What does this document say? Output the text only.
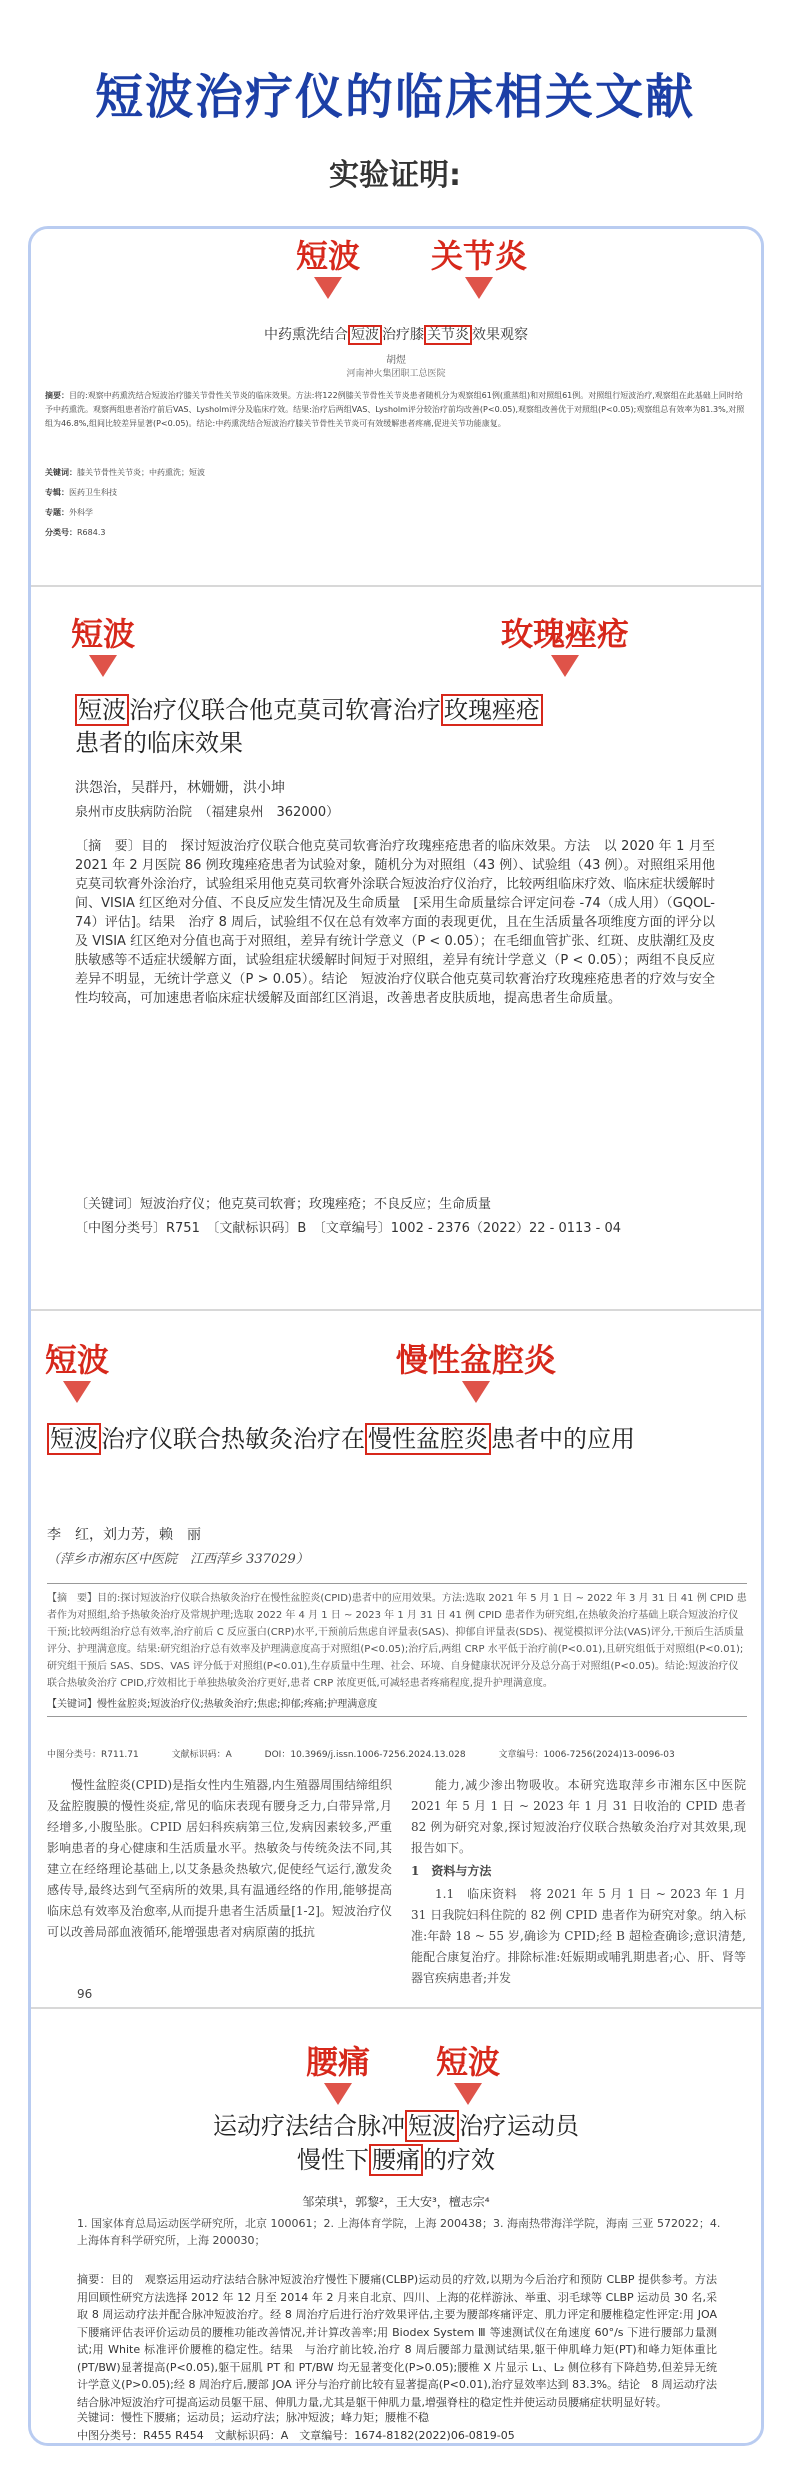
短波治疗仪的临床相关文献
实验证明:
短波 关节炎
中药熏洗结合 短波 治疗膝 关节炎 效果观察
胡煜
河南神火集团职工总医院
摘要：目的:观察中药熏洗结合短波治疗膝关节骨性关节炎的临床效果。方法:将122例膝关节骨性关节炎患者随机分为观察组61例(熏蒸组)和对照组61例。对照组行短波治疗,观察组在此基础上同时给予中药熏洗。观察两组患者治疗前后VAS、Lysholm评分及临床疗效。结果:治疗后两组VAS、Lysholm评分较治疗前均改善(P<0.05),观察组改善优于对照组(P<0.05);观察组总有效率为81.3%,对照组为46.8%,组间比较差异显著(P<0.05)。结论:中药熏洗结合短波治疗膝关节骨性关节炎可有效缓解患者疼痛,促进关节功能康复。
关键词：膝关节骨性关节炎；中药熏洗；短波
专辑：医药卫生科技
专题：外科学
分类号：R684.3
短波	玫瑰痤疮
短波 治疗仪联合他克莫司软膏治疗 玫瑰痤疮
患者的临床效果
洪怨治，吴群丹，林姗姗，洪小坤
泉州市皮肤病防治院　（福建泉州　362000）
〔摘　要〕目的　探讨短波治疗仪联合他克莫司软膏治疗玫瑰痤疮患者的临床效果。方法　以 2020 年 1 月至 2021 年 2 月医院 86 例玫瑰痤疮患者为试验对象，随机分为对照组（43 例）、试验组（43 例）。对照组采用他克莫司软膏外涂治疗，试验组采用他克莫司软膏外涂联合短波治疗仪治疗，比较两组临床疗效、临床症状缓解时间、VISIA 红区绝对分值、不良反应发生情况及生命质量　[采用生命质量综合评定问卷 -74（成人用）（GQOL-74）评估]。结果　治疗 8 周后，试验组不仅在总有效率方面的表现更优，且在生活质量各项维度方面的评分以及 VISIA 红区绝对分值也高于对照组，差异有统计学意义（P < 0.05）；在毛细血管扩张、红斑、皮肤潮红及皮肤敏感等不适症状缓解方面，试验组症状缓解时间短于对照组，差异有统计学意义（P < 0.05）；两组不良反应差异不明显，无统计学意义（P > 0.05）。结论　短波治疗仪联合他克莫司软膏治疗玫瑰痤疮患者的疗效与安全性均较高，可加速患者临床症状缓解及面部红区消退，改善患者皮肤质地，提高患者生命质量。
〔关键词〕短波治疗仪；他克莫司软膏；玫瑰痤疮；不良反应；生命质量
〔中图分类号〕R751　〔文献标识码〕B　〔文章编号〕1002 - 2376（2022）22 - 0113 - 04
短波	慢性盆腔炎
短波 治疗仪联合热敏灸治疗在 慢性盆腔炎 患者中的应用
李　红，刘力芳，赖　丽
（萍乡市湘东区中医院　江西萍乡 337029）
【摘　要】目的:探讨短波治疗仪联合热敏灸治疗在慢性盆腔炎(CPID)患者中的应用效果。方法:选取 2021 年 5 月 1 日 ~ 2022 年 3 月 31 日 41 例 CPID 患者作为对照组,给予热敏灸治疗及常规护理;选取 2022 年 4 月 1 日 ~ 2023 年 1 月 31 日 41 例 CPID 患者作为研究组,在热敏灸治疗基础上联合短波治疗仪干预;比较两组治疗总有效率,治疗前后 C 反应蛋白(CRP)水平,干预前后焦虑自评量表(SAS)、抑郁自评量表(SDS)、视觉模拟评分法(VAS)评分,干预后生活质量评分、护理满意度。结果:研究组治疗总有效率及护理满意度高于对照组(P<0.05);治疗后,两组 CRP 水平低于治疗前(P<0.01),且研究组低于对照组(P<0.01);研究组干预后 SAS、SDS、VAS 评分低于对照组(P<0.01),生存质量中生理、社会、环境、自身健康状况评分及总分高于对照组(P<0.05)。结论:短波治疗仪联合热敏灸治疗 CPID,疗效相比于单独热敏灸治疗更好,患者 CRP 浓度更低,可减轻患者疼痛程度,提升护理满意度。
【关键词】慢性盆腔炎;短波治疗仪;热敏灸治疗;焦虑;抑郁;疼痛;护理满意度
中图分类号：R711.71	文献标识码：A	DOI：10.3969/j.issn.1006-7256.2024.13.028	文章编号：1006-7256(2024)13-0096-03
慢性盆腔炎(CPID)是指女性内生殖器,内生殖器周围结缔组织及盆腔腹膜的慢性炎症,常见的临床表现有腰身乏力,白带异常,月经增多,小腹坠胀。CPID 居妇科疾病第三位,发病因素较多,严重影响患者的身心健康和生活质量水平。热敏灸与传统灸法不同,其建立在经络理论基础上,以艾条悬灸热敏穴,促使经气运行,激发灸感传导,最终达到气至病所的效果,具有温通经络的作用,能够提高临床总有效率及治愈率,从而提升患者生活质量[1-2]。短波治疗仪可以改善局部血液循环,能增强患者对病原菌的抵抗

能力,减少渗出物吸收。本研究选取萍乡市湘东区中医院 2021 年 5 月 1 日 ~ 2023 年 1 月 31 日收治的 CPID 患者 82 例为研究对象,探讨短波治疗仪联合热敏灸治疗对其效果,现报告如下。

1　资料与方法

1.1　临床资料　将 2021 年 5 月 1 日 ~ 2023 年 1 月 31 日我院妇科住院的 82 例 CPID 患者作为研究对象。纳入标准:年龄 18 ~ 55 岁,确诊为 CPID;经 B 超检查确诊;意识清楚,能配合康复治疗。排除标准:妊娠期或哺乳期患者;心、肝、肾等器官疾病患者;并发

96
腰痛 短波
运动疗法结合脉冲 短波 治疗运动员
慢性下 腰痛 的疗效
邹荣琪¹，郭黎²，王大安³，檀志宗⁴
1. 国家体育总局运动医学研究所，北京 100061；2. 上海体育学院，上海 200438；3. 海南热带海洋学院，海南 三亚 572022；4. 上海体育科学研究所，上海 200030；
摘要：目的　观察运用运动疗法结合脉冲短波治疗慢性下腰痛(CLBP)运动员的疗效,以期为今后治疗和预防 CLBP 提供参考。方法　用回顾性研究方法选择 2012 年 12 月至 2014 年 2 月来自北京、四川、上海的花样游泳、举重、羽毛球等 CLBP 运动员 30 名,采取 8 周运动疗法并配合脉冲短波治疗。经 8 周治疗后进行治疗效果评估,主要为腰部疼痛评定、肌力评定和腰椎稳定性评定:用 JOA 下腰痛评估表评价运动员的腰椎功能改善情况,并计算改善率;用 Biodex System Ⅲ 等速测试仪在角速度 60°/s 下进行腰部力量测试;用 White 标准评价腰椎的稳定性。结果　与治疗前比较,治疗 8 周后腰部力量测试结果,躯干伸肌峰力矩(PT)和峰力矩体重比(PT/BW)显著提高(P<0.05),躯干屈肌 PT 和 PT/BW 均无显著变化(P>0.05);腰椎 X 片显示 L₁、L₂ 侧位移有下降趋势,但差异无统计学意义(P>0.05);经 8 周治疗后,腰部 JOA 评分与治疗前比较有显著提高(P<0.01),治疗显效率达到 83.3%。结论　8 周运动疗法结合脉冲短波治疗可提高运动员躯干屈、伸肌力量,尤其是躯干伸肌力量,增强脊柱的稳定性并使运动员腰痛症状明显好转。
关键词：慢性下腰痛；运动员；运动疗法；脉冲短波；峰力矩；腰椎不稳
中图分类号：R455 R454　文献标识码：A　文章编号：1674-8182(2022)06-0819-05
